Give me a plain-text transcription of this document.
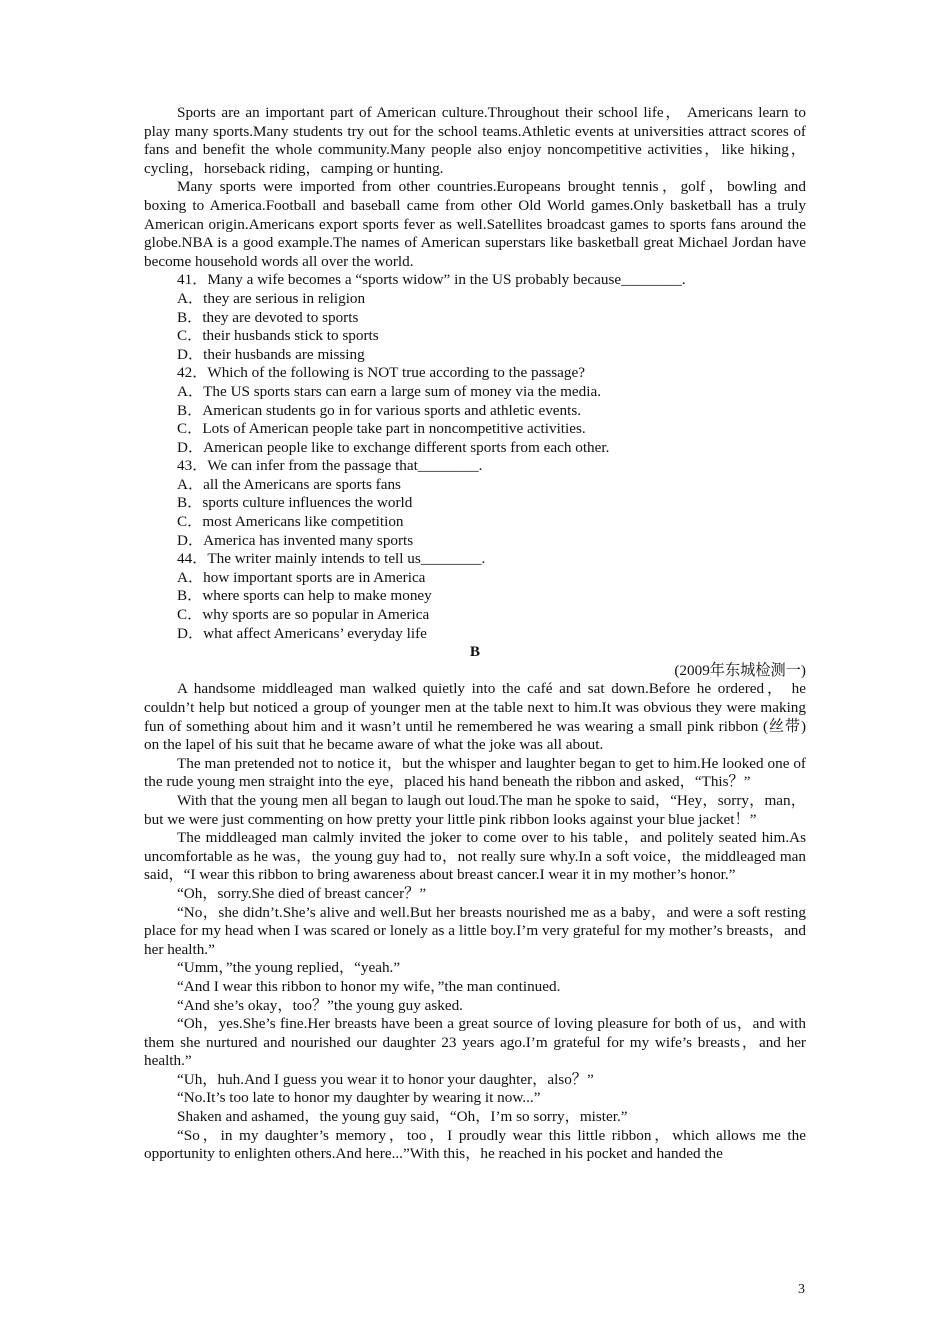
Sports are an important part of American culture.Throughout their school life， Americans learn to play many sports.Many students try out for the school teams.Athletic events at universities attract scores of fans and benefit the whole community.Many people also enjoy noncompetitive activities，like hiking，cycling，horseback riding，camping or hunting.

Many sports were imported from other countries.Europeans brought tennis，golf，bowling and boxing to America.Football and baseball came from other Old World games.Only basketball has a truly American origin.Americans export sports fever as well.Satellites broadcast games to sports fans around the globe.NBA is a good example.The names of American superstars like basketball great Michael Jordan have become household words all over the world.

41．Many a wife becomes a “sports widow” in the US probably because________.

A．they are serious in religion

B．they are devoted to sports

C．their husbands stick to sports

D．their husbands are missing

42．Which of the following is NOT true according to the passage?

A．The US sports stars can earn a large sum of money via the media.

B．American students go in for various sports and athletic events.

C．Lots of American people take part in noncompetitive activities.

D．American people like to exchange different sports from each other.

43．We can infer from the passage that________.

A．all the Americans are sports fans

B．sports culture influences the world

C．most Americans like competition

D．America has invented many sports

44．The writer mainly intends to tell us________.

A．how important sports are in America

B．where sports can help to make money

C．why sports are so popular in America

D．what affect Americans’ everyday life

B

(2009年东城检测一)

A handsome middleaged man walked quietly into the café and sat down.Before he ordered， he couldn’t help but noticed a group of younger men at the table next to him.It was obvious they were making fun of something about him and it wasn’t until he remembered he was wearing a small pink ribbon (丝带) on the lapel of his suit that he became aware of what the joke was all about.

The man pretended not to notice it，but the whisper and laughter began to get to him.He looked one of the rude young men straight into the eye，placed his hand beneath the ribbon and asked，“This？”

With that the young men all began to laugh out loud.The man he spoke to said，“Hey，sorry，man，but we were just commenting on how pretty your little pink ribbon looks against your blue jacket！”

The middleaged man calmly invited the joker to come over to his table，and politely seated him.As uncomfortable as he was，the young guy had to，not really sure why.In a soft voice，the middleaged man said，“I wear this ribbon to bring awareness about breast cancer.I wear it in my mother’s honor.”

“Oh，sorry.She died of breast cancer？”

“No，she didn’t.She’s alive and well.But her breasts nourished me as a baby，and were a soft resting place for my head when I was scared or lonely as a little boy.I’m very grateful for my mother’s breasts，and her health.”

“Umm，”the young replied，“yeah.”

“And I wear this ribbon to honor my wife，”the man continued.

“And she’s okay，too？”the young guy asked.

“Oh，yes.She’s fine.Her breasts have been a great source of loving pleasure for both of us，and with them she nurtured and nourished our daughter 23 years ago.I’m grateful for my wife’s breasts，and her health.”

“Uh，huh.And I guess you wear it to honor your daughter，also？”

“No.It’s too late to honor my daughter by wearing it now...”

Shaken and ashamed，the young guy said，“Oh，I’m so sorry，mister.”

“So，in my daughter’s memory，too，I proudly wear this little ribbon，which allows me the opportunity to enlighten others.And here...”With this，he reached in his pocket and handed the

3
